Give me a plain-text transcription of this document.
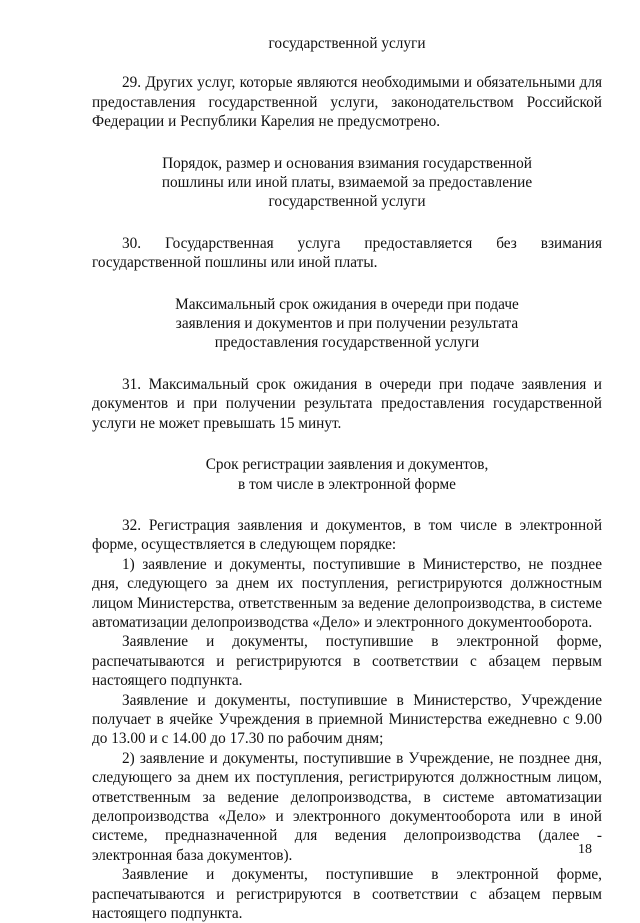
государственной услуги

29. Других услуг, которые являются необходимыми и обязательными для предоставления государственной услуги, законодательством Российской Федерации и Республики Карелия не предусмотрено.

Порядок, размер и основания взимания государственной
пошлины или иной платы, взимаемой за предоставление
государственной услуги

30. Государственная услуга предоставляется без взимания государственной пошлины или иной платы.

Максимальный срок ожидания в очереди при подаче
заявления и документов и при получении результата
предоставления государственной услуги

31. Максимальный срок ожидания в очереди при подаче заявления и документов и при получении результата предоставления государственной услуги не может превышать 15 минут.

Срок регистрации заявления и документов,
в том числе в электронной форме

32. Регистрация заявления и документов, в том числе в электронной форме, осуществляется в следующем порядке:

1) заявление и документы, поступившие в Министерство, не позднее дня, следующего за днем их поступления, регистрируются должностным лицом Министерства, ответственным за ведение делопроизводства, в системе автоматизации делопроизводства «Дело» и электронного документооборота.

Заявление и документы, поступившие в электронной форме, распечатываются и регистрируются в соответствии с абзацем первым настоящего подпункта.

Заявление и документы, поступившие в Министерство, Учреждение получает в ячейке Учреждения в приемной Министерства ежедневно с 9.00 до 13.00 и с 14.00 до 17.30 по рабочим дням;

2) заявление и документы, поступившие в Учреждение, не позднее дня, следующего за днем их поступления, регистрируются должностным лицом, ответственным за ведение делопроизводства, в системе автоматизации делопроизводства «Дело» и электронного документооборота или в иной системе, предназначенной для ведения делопроизводства (далее - электронная база документов).

Заявление и документы, поступившие в электронной форме, распечатываются и регистрируются в соответствии с абзацем первым настоящего подпункта.

18
